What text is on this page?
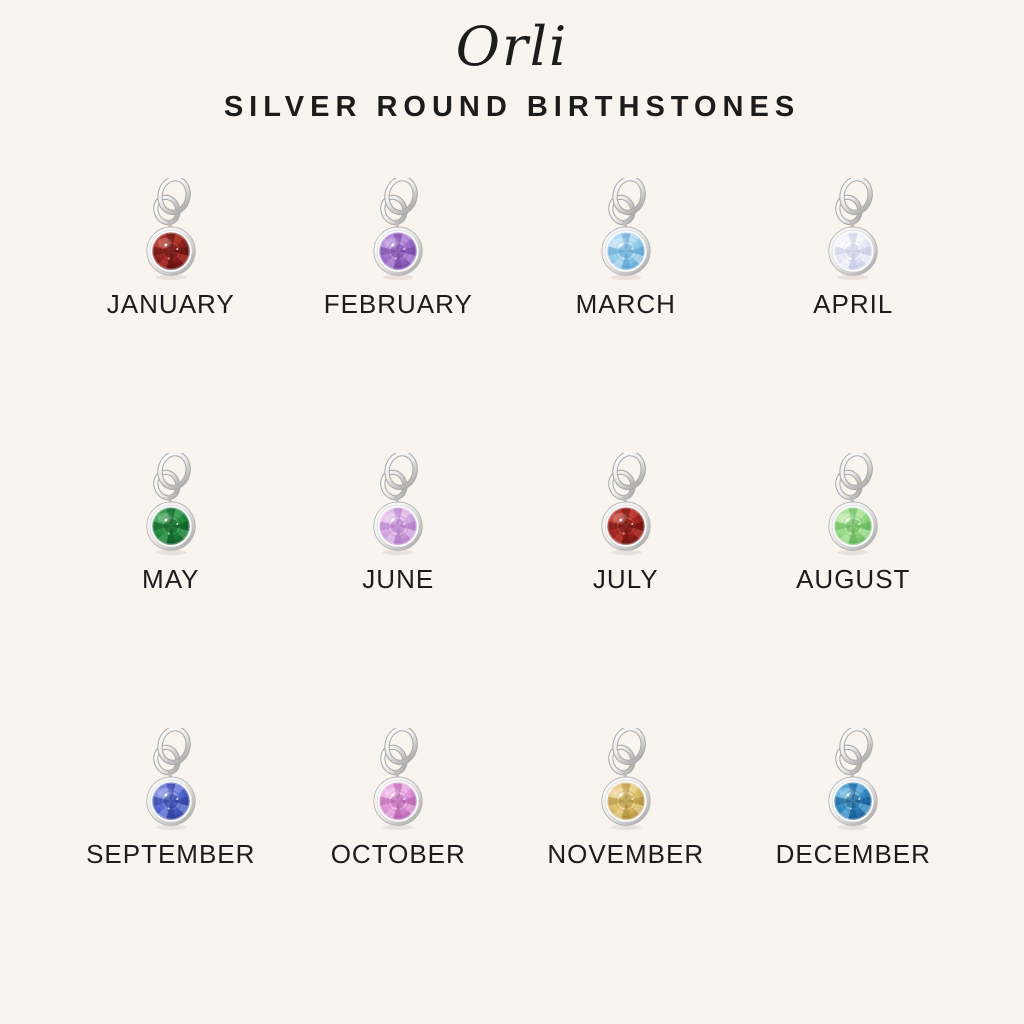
Orli
SILVER ROUND BIRTHSTONES
JANUARY	FEBRUARY	MARCH	APRIL
MAY	JUNE	JULY	AUGUST
SEPTEMBER	OCTOBER	NOVEMBER	DECEMBER
